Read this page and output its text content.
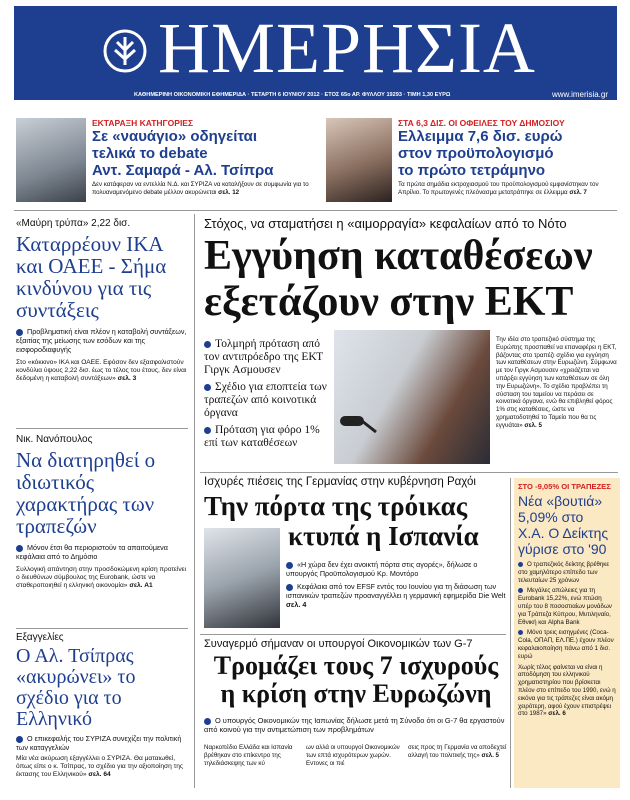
ΗΜΕΡΗΣΙΑ
ΚΑΘΗΜΕΡΙΝΗ ΟΙΚΟΝΟΜΙΚΗ ΕΦΗΜΕΡΙΔΑ · ΤΕΤΑΡΤΗ 6 ΙΟΥΝΙΟΥ 2012 · ΕΤΟΣ 65ο ΑΡ. ΦΥΛΛΟΥ 19293 · ΤΙΜΗ 1,30 ΕΥΡΩ	www.imerisia.gr
ΕΚΤΑΡΑΞΗ ΚΑΤΗΓΟΡΙΕΣ
Σε «ναυάγιο» οδηγείται
τελικά το debate
Αντ. Σαμαρά - Αλ. Τσίπρα
Δεν κατάφεραν να εντελλία Ν.Δ. και ΣΥΡΙΖΑ να καταλήξουν σε συμφωνία για το πολυαναμενόμενο debate μέλλον ακυρώνεται σελ. 12
ΣΤΑ 6,3 ΔΙΣ. ΟΙ ΟΦΕΙΛΕΣ ΤΟΥ ΔΗΜΟΣΙΟΥ
Ελλειμμα 7,6 δισ. ευρώ
στον προϋπολογισμό
το πρώτο τετράμηνο
Τα πρώτα σημάδια εκτροχιασμού του προϋπολογισμού εμφανίστηκαν τον Απρίλιο. Το πρωτογενές πλεόνασμα μετατράπηκε σε έλλειμμα σελ. 7
«Μαύρη τρύπα» 2,22 δισ.
Καταρρέουν ΙΚΑ και ΟΑΕΕ - Σήμα κινδύνου για τις συντάξεις
Προβληματική είναι πλέον η καταβολή συντάξεων, εξαιτίας της μείωσης των εσόδων και της εισφοροδιαφυγής
Στο «κόκκινο» ΙΚΑ και ΟΑΕΕ. Εφόσον δεν εξασφαλιστούν κονδύλια ύψους 2,22 δισ. έως το τέλος του έτους, δεν είναι δεδομένη η καταβολή συντάξεων» σελ. 3
Νικ. Νανόπουλος
Να διατηρηθεί ο ιδιωτικός χαρακτήρας των τραπεζών
Μόνον έτσι θα περιοριστούν τα απαιτούμενα κεφάλαια από το Δημόσιο
Συλλογική απάντηση στην προσδοκώμενη κρίση προτείνει ο διευθύνων σύμβουλος της Eurobank, ώστε να σταθεροποιηθεί η ελληνική οικονομία» σελ. A1
Εξαγγελίες
Ο Αλ. Τσίπρας «ακυρώνει» το σχέδιο για το Ελληνικό
Ο επικεφαλής του ΣΥΡΙΖΑ συνεχίζει την πολιτική των καταγγελιών
Μία νέα ακύρωση εξαγγέλλει ο ΣΥΡΙΖΑ. Θα ματαιωθεί, όπως είπε ο κ. Τσίπρας, το σχέδιο για την αξιοποίηση της έκτασης του Ελληνικού» σελ. 64
Στόχος, να σταματήσει η «αιμορραγία» κεφαλαίων από το Νότο
Εγγύηση καταθέσεων
εξετάζουν στην ΕΚΤ
Τολμηρή πρόταση από τον αντιπρόεδρο της ΕΚΤ Γιργκ Ασμουσεν
Σχέδιο για εποπτεία των τραπεζών από κοινοτικά όργανα
Πρόταση για φόρο 1% επί των καταθέσεων
Την ιδέα στο τραπεζικό σύστημα της Ευρώπης προσπαθεί να επαναφέρει η ΕΚΤ, βάζοντας στο τραπέζι σχέδιο για εγγύηση των καταθέσεων στην Ευρωζώνη. Σύμφωνα με τον Γιργκ Ασμουσεν «χρειάζεται να υπάρξει εγγύηση των καταθέσεων σε όλη την Ευρωζώνη». Το σχέδιο προβλέπει τη σύσταση του ταμείου να περάσει σε κοινοτικά όργανα, ενώ θα επιβληθεί φόρος 1% στις καταθέσεις, ώστε να χρηματοδοτηθεί το Ταμείο που θα τις εγγυάται» σελ. 5
Ισχυρές πιέσεις της Γερμανίας στην κυβέρνηση Ραχόι
Την πόρτα της τρόικας
κτυπά η Ισπανία
«Η χώρα δεν έχει ανοικτή πόρτα στις αγορές», δήλωσε ο υπουργός Προϋπολογισμού Κρ. Μοντόρο
Κεφάλαια από τον EFSF εντός του Ιουνίου για τη διάσωση των ισπανικών τραπεζών προαναγγέλλει η γερμανική εφημερίδα Die Welt σελ. 4
ΣΤΟ -9,05% ΟΙ ΤΡΑΠΕΖΕΣ
Νέα «βουτιά»
5,09% στο
Χ.Α. Ο Δείκτης
γύρισε στο '90
Ο τραπεζικός δείκτης βρέθηκε στο χαμηλότερο επίπεδο των τελευταίων 25 χρόνων
Μεγάλες απώλειες για τη Eurobank 15,22%, ενώ πτώση υπέρ του 8 ποσοστιαίων μονάδων για Τράπεζα Κύπρου, Μυτιληναίο, Εθνική και Alpha Bank
Μόνο τρεις εισηγμένες (Coca-Cola, ΟΠΑΠ, ΕΛ.ΠΕ.) έχουν πλέον κεφαλαιοποίηση πάνω από 1 δισ. ευρώ
Χωρίς τέλος φαίνεται να είναι η αποδόμηση του ελληνικού χρηματιστηρίου που βρίσκεται πλέον στο επίπεδο του 1990, ενώ η εικόνα για τις τράπεζες είναι ακόμη χειρότερη, αφού έχουν επιστρέψει στο 1987» σελ. 6
Συναγερμό σήμαναν οι υπουργοί Οικονομικών των G-7
Τρομάζει τους 7 ισχυρούς
η κρίση στην Ευρωζώνη
Ο υπουργός Οικονομικών της Ιαπωνίας δήλωσε μετά τη Σύνοδο ότι οι G-7 θα εργαστούν από κοινού για την αντιμετώπιση των προβλημάτων
Ναρκοπέδιο Ελλάδα και Ισπανία βρέθηκαν στο επίκεντρο της τηλεδιάσκεψης των κύ
ων αλλά οι υπουργοί Οικονομικών των επτά ισχυρότερων χωρών. Εντονες οι πιέ
σεις προς τη Γερμανία να αποδεχτεί αλλαγή του πολιτικής της» σελ. 5
